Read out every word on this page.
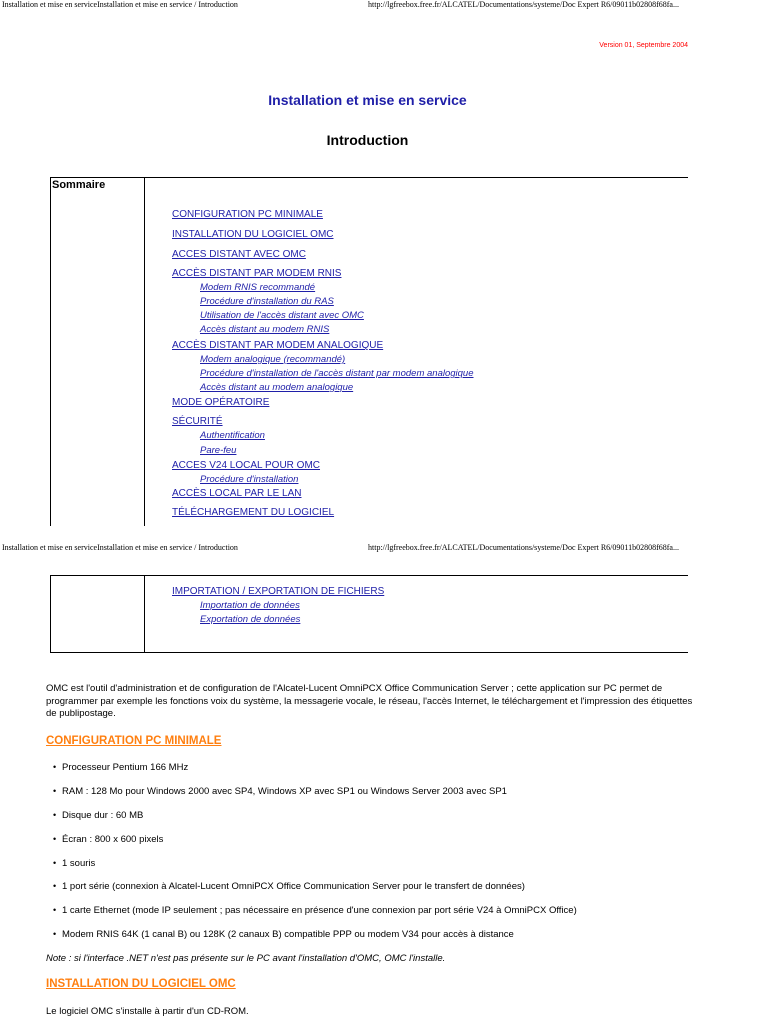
Installation et mise en serviceInstallation et mise en service / Introduction	http://lgfreebox.free.fr/ALCATEL/Documentations/systeme/Doc Expert R6/09011b02808f68fa...
Version 01, Septembre 2004
Installation et mise en service
Introduction
Sommaire
CONFIGURATION PC MINIMALE
INSTALLATION DU LOGICIEL OMC
ACCES DISTANT AVEC OMC
ACCÈS DISTANT PAR MODEM RNIS
Modem RNIS recommandé
Procédure d'installation du RAS
Utilisation de l'accès distant avec OMC
Accès distant au modem RNIS
ACCÈS DISTANT PAR MODEM ANALOGIQUE
Modem analogique (recommandé)
Procédure d'installation de l'accès distant par modem analogique
Accès distant au modem analogique
MODE OPÉRATOIRE
SÉCURITÉ
Authentification
Pare-feu
ACCES V24 LOCAL POUR OMC
Procédure d'installation
ACCÈS LOCAL PAR LE LAN
TÉLÉCHARGEMENT DU LOGICIEL
Installation et mise en serviceInstallation et mise en service / Introduction	http://lgfreebox.free.fr/ALCATEL/Documentations/systeme/Doc Expert R6/09011b02808f68fa...
IMPORTATION / EXPORTATION DE FICHIERS
Importation de données
Exportation de données
OMC est l'outil d'administration et de configuration de l'Alcatel-Lucent OmniPCX Office Communication Server ; cette application sur PC permet de programmer par exemple les fonctions voix du système, la messagerie vocale, le réseau, l'accès Internet, le téléchargement et l'impression des étiquettes de publipostage.
CONFIGURATION PC MINIMALE
• Processeur Pentium 166 MHz
• RAM : 128 Mo pour Windows 2000 avec SP4, Windows XP avec SP1 ou Windows Server 2003 avec SP1
• Disque dur : 60 MB
• Écran : 800 x 600 pixels
• 1 souris
• 1 port série (connexion à Alcatel-Lucent OmniPCX Office Communication Server pour le transfert de données)
• 1 carte Ethernet (mode IP seulement ; pas nécessaire en présence d'une connexion par port série V24 à OmniPCX Office)
• Modem RNIS 64K (1 canal B) ou 128K (2 canaux B) compatible PPP ou modem V34 pour accès à distance
Note : si l'interface .NET n'est pas présente sur le PC avant l'installation d'OMC, OMC l'installe.
INSTALLATION DU LOGICIEL OMC
Le logiciel OMC s'installe à partir d'un CD-ROM.
